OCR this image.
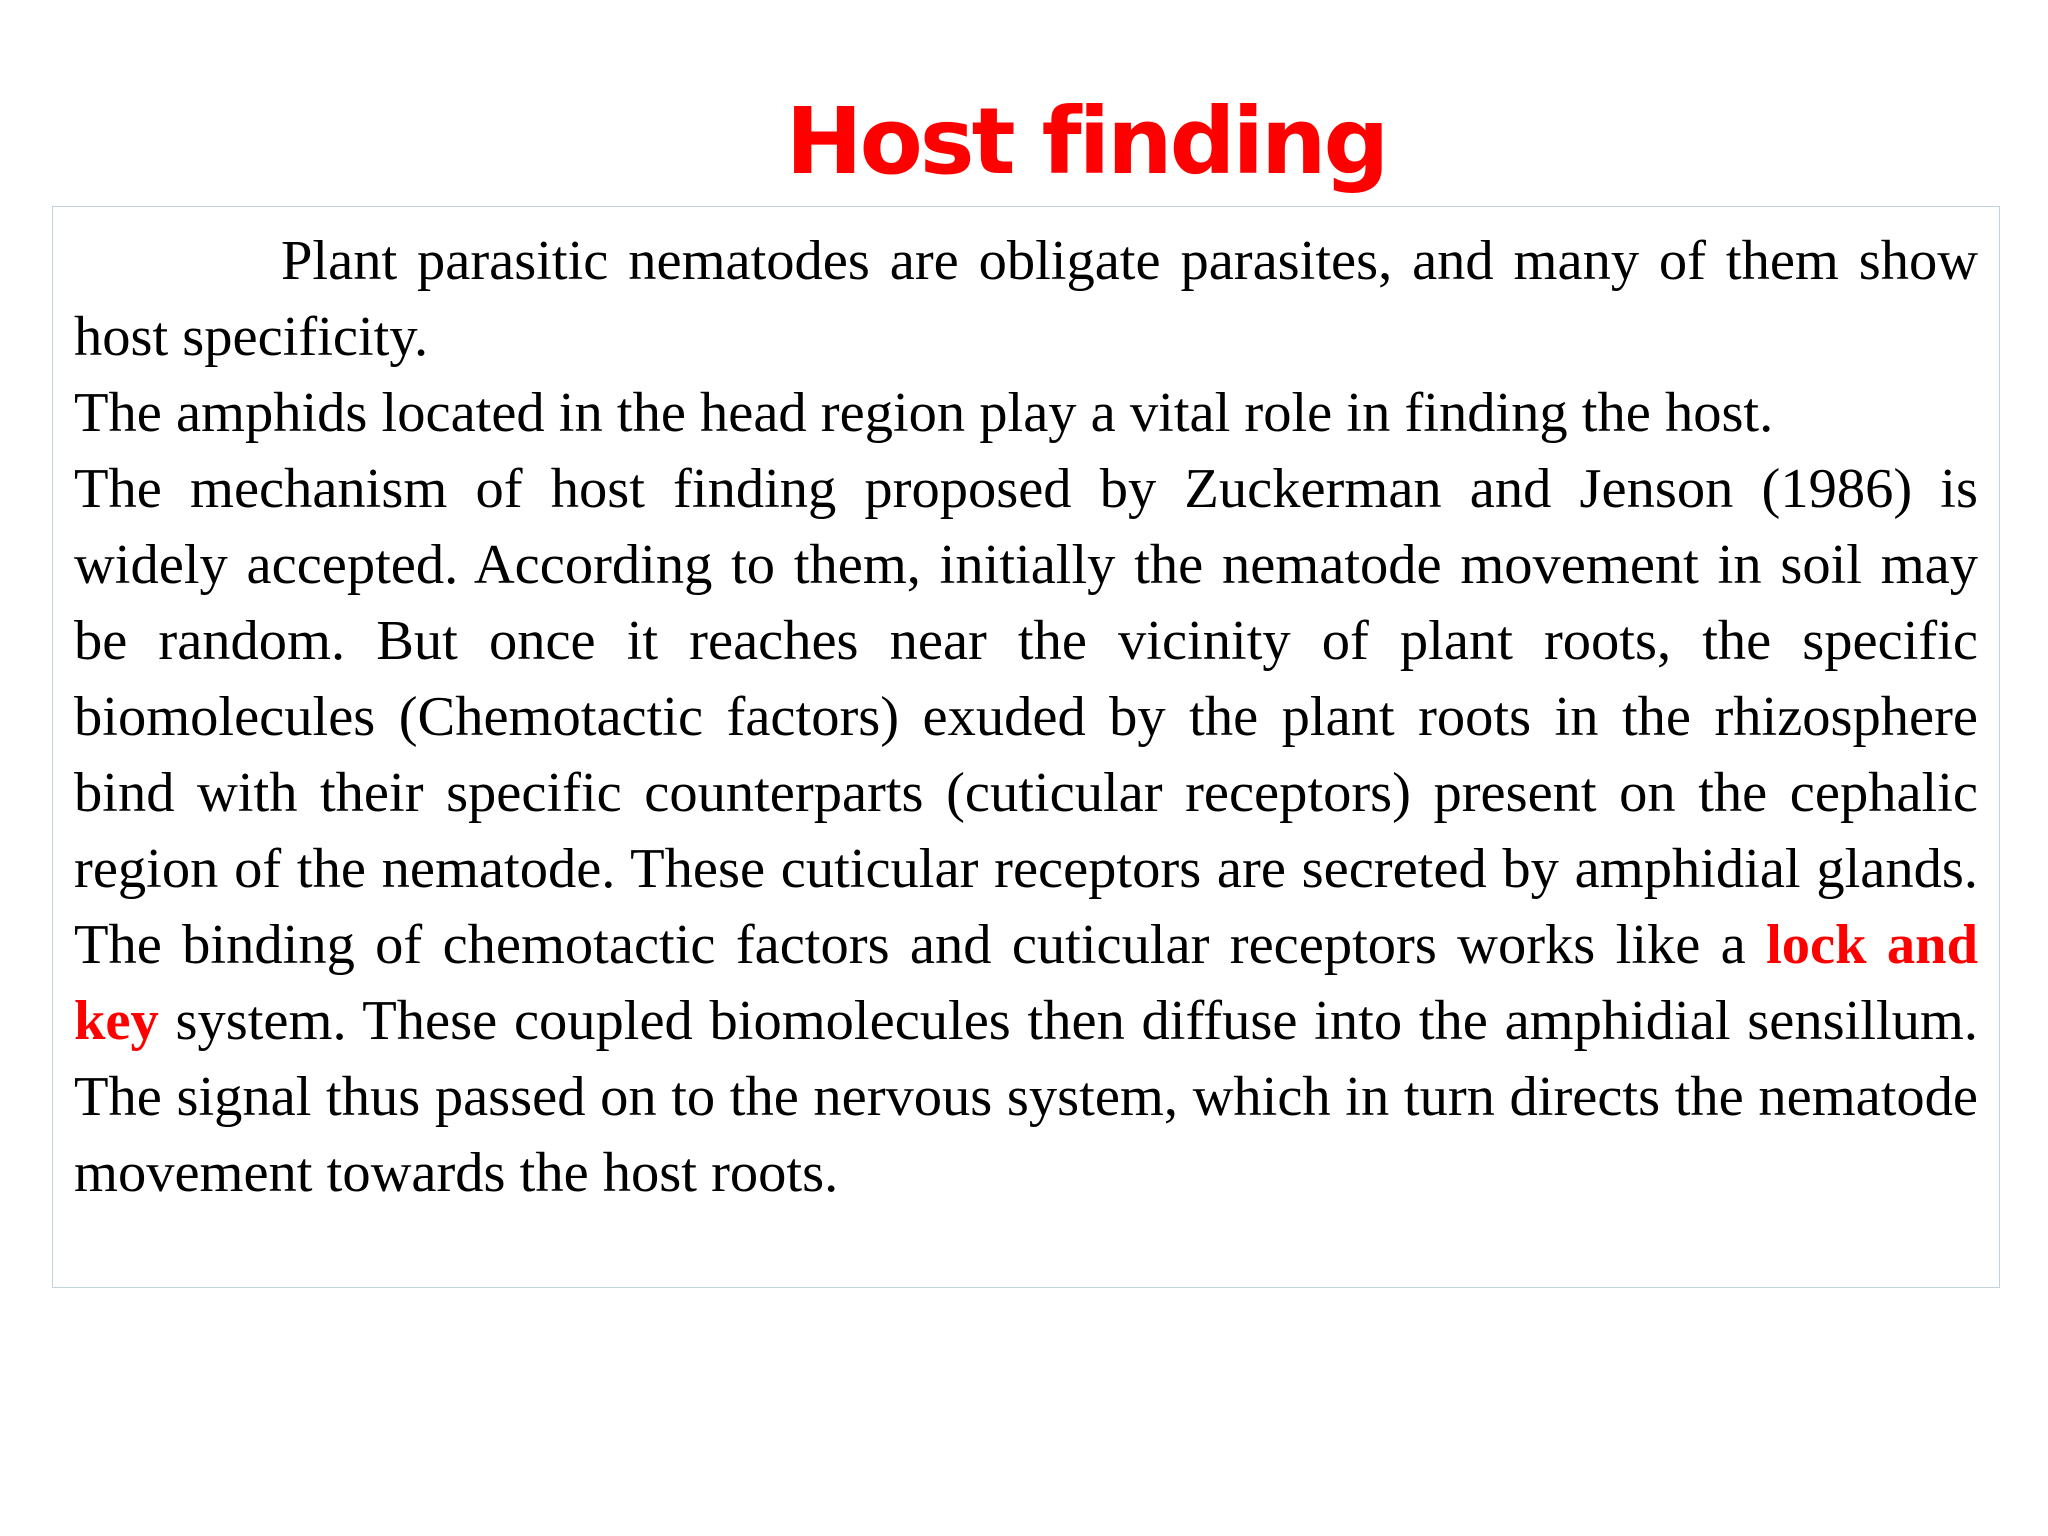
Host finding

Plant parasitic nematodes are obligate parasites, and many of them show host specificity.

The amphids located in the head region play a vital role in finding the host.

The mechanism of host finding proposed by Zuckerman and Jenson (1986) is widely accepted. According to them, initially the nematode movement in soil may be random. But once it reaches near the vicinity of plant roots, the specific biomolecules (Chemotactic factors) exuded by the plant roots in the rhizosphere bind with their specific counterparts (cuticular receptors) present on the cephalic region of the nematode. These cuticular receptors are secreted by amphidial glands. The binding of chemotactic factors and cuticular receptors works like a lock and key system. These coupled biomolecules then diffuse into the amphidial sensillum. The signal thus passed on to the nervous system, which in turn directs the nematode movement towards the host roots.
